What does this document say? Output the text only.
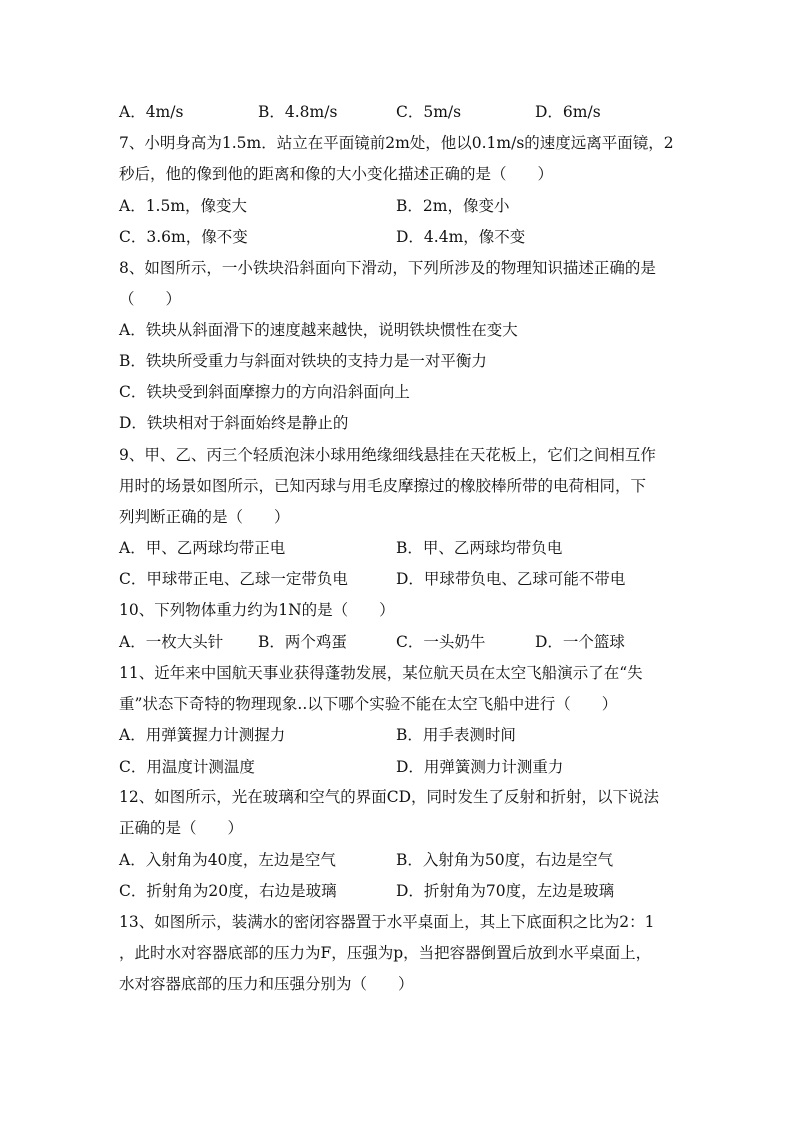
A．4m/s	B．4.8m/s	C．5m/s	D．6m/s
7、小明身高为1.5m．站立在平面镜前2m处，他以0.1m/s的速度远离平面镜，2
秒后，他的像到他的距离和像的大小变化描述正确的是（　　）
A．1.5m，像变大	B．2m，像变小
C．3.6m，像不变	D．4.4m，像不变
8、如图所示，一小铁块沿斜面向下滑动，下列所涉及的物理知识描述正确的是
（　　）
A．铁块从斜面滑下的速度越来越快，说明铁块惯性在变大
B．铁块所受重力与斜面对铁块的支持力是一对平衡力
C．铁块受到斜面摩擦力的方向沿斜面向上
D．铁块相对于斜面始终是静止的
9、甲、乙、丙三个轻质泡沫小球用绝缘细线悬挂在天花板上，它们之间相互作
用时的场景如图所示，已知丙球与用毛皮摩擦过的橡胶棒所带的电荷相同，下
列判断正确的是（　　）
A．甲、乙两球均带正电	B．甲、乙两球均带负电
C．甲球带正电、乙球一定带负电	D．甲球带负电、乙球可能不带电
10、下列物体重力约为1N的是（　　）
A．一枚大头针 B．两个鸡蛋	C．一头奶牛	D．一个篮球
11、近年来中国航天事业获得蓬勃发展，某位航天员在太空飞船演示了在“失
重”状态下奇特的物理现象..以下哪个实验不能在太空飞船中进行（　　）
A．用弹簧握力计测握力	B．用手表测时间
C．用温度计测温度	D．用弹簧测力计测重力
12、如图所示，光在玻璃和空气的界面CD，同时发生了反射和折射，以下说法
正确的是（　　）
A．入射角为40度，左边是空气	B．入射角为50度，右边是空气
C．折射角为20度，右边是玻璃	D．折射角为70度，左边是玻璃
13、如图所示，装满水的密闭容器置于水平桌面上，其上下底面积之比为2：1
，此时水对容器底部的压力为F，压强为p，当把容器倒置后放到水平桌面上，
水对容器底部的压力和压强分别为（　　）
